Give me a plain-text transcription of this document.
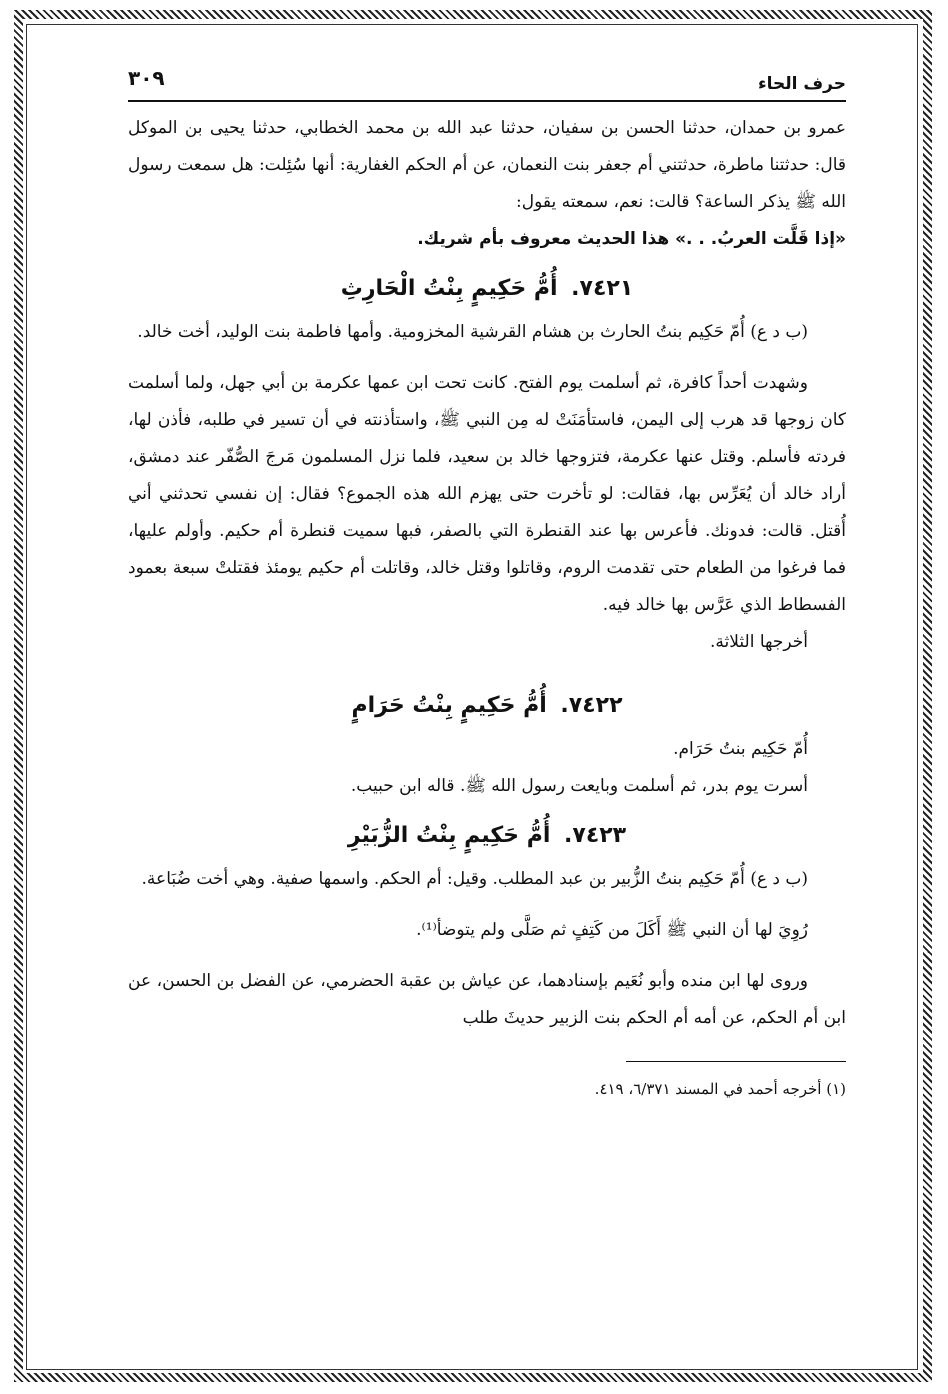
حرف الحاء
٣٠٩

عمرو بن حمدان، حدثنا الحسن بن سفيان، حدثنا عبد الله بن محمد الخطابي، حدثنا يحيى بن الموكل قال: حدثتنا ماطرة، حدثتني أم جعفر بنت النعمان، عن أم الحكم الغفارية: أنها سُئِلت: هل سمعت رسول الله ﷺ يذكر الساعة؟ قالت: نعم، سمعته يقول:

«إذا قَلَّت العربُ. . .» هذا الحديث معروف بأم شريك.

٧٤٢١. أُمُّ حَكِيمٍ بِنْتُ الْحَارِثِ

(ب د ع) أُمّ حَكِيم بنتُ الحارث بن هشام القرشية المخزومية. وأمها فاطمة بنت الوليد، أخت خالد.

وشهدت أحداً كافرة، ثم أسلمت يوم الفتح. كانت تحت ابن عمها عكرمة بن أبي جهل، ولما أسلمت كان زوجها قد هرب إلى اليمن، فاستأمَنَتْ له مِن النبي ﷺ، واستأذنته في أن تسير في طلبه، فأذن لها، فردته فأسلم. وقتل عنها عكرمة، فتزوجها خالد بن سعيد، فلما نزل المسلمون مَرجَ الصُّفّر عند دمشق، أراد خالد أن يُعَرِّس بها، فقالت: لو تأخرت حتى يهزم الله هذه الجموع؟ فقال: إن نفسي تحدثني أني أُقتل. قالت: فدونك. فأعرس بها عند القنطرة التي بالصفر، فبها سميت قنطرة أم حكيم. وأولم عليها، فما فرغوا من الطعام حتى تقدمت الروم، وقاتلوا وقتل خالد، وقاتلت أم حكيم يومئذ فقتلتْ سبعة بعمود الفسطاط الذي عَرَّس بها خالد فيه.

أخرجها الثلاثة.

٧٤٢٢. أُمُّ حَكِيمٍ بِنْتُ حَرَامٍ

أُمّ حَكِيم بنتُ حَرَام.

أسرت يوم بدر، ثم أسلمت وبايعت رسول الله ﷺ. قاله ابن حبيب.

٧٤٢٣. أُمُّ حَكِيمٍ بِنْتُ الزُّبَيْرِ

(ب د ع) أُمّ حَكِيم بنتُ الزُّبير بن عبد المطلب. وقيل: أم الحكم. واسمها صفية. وهي أخت ضُبَاعة.

رُوِيَ لها أن النبي ﷺ أَكَلَ من كَتِفٍ ثم صَلَّى ولم يتوضأ⁽¹⁾.

وروى لها ابن منده وأبو نُعَيم بإسنادهما، عن عياش بن عقبة الحضرمي، عن الفضل بن الحسن، عن ابن أم الحكم، عن أمه أم الحكم بنت الزبير حديثَ طلب

(١) أخرجه أحمد في المسند ٦/٣٧١، ٤١٩.
